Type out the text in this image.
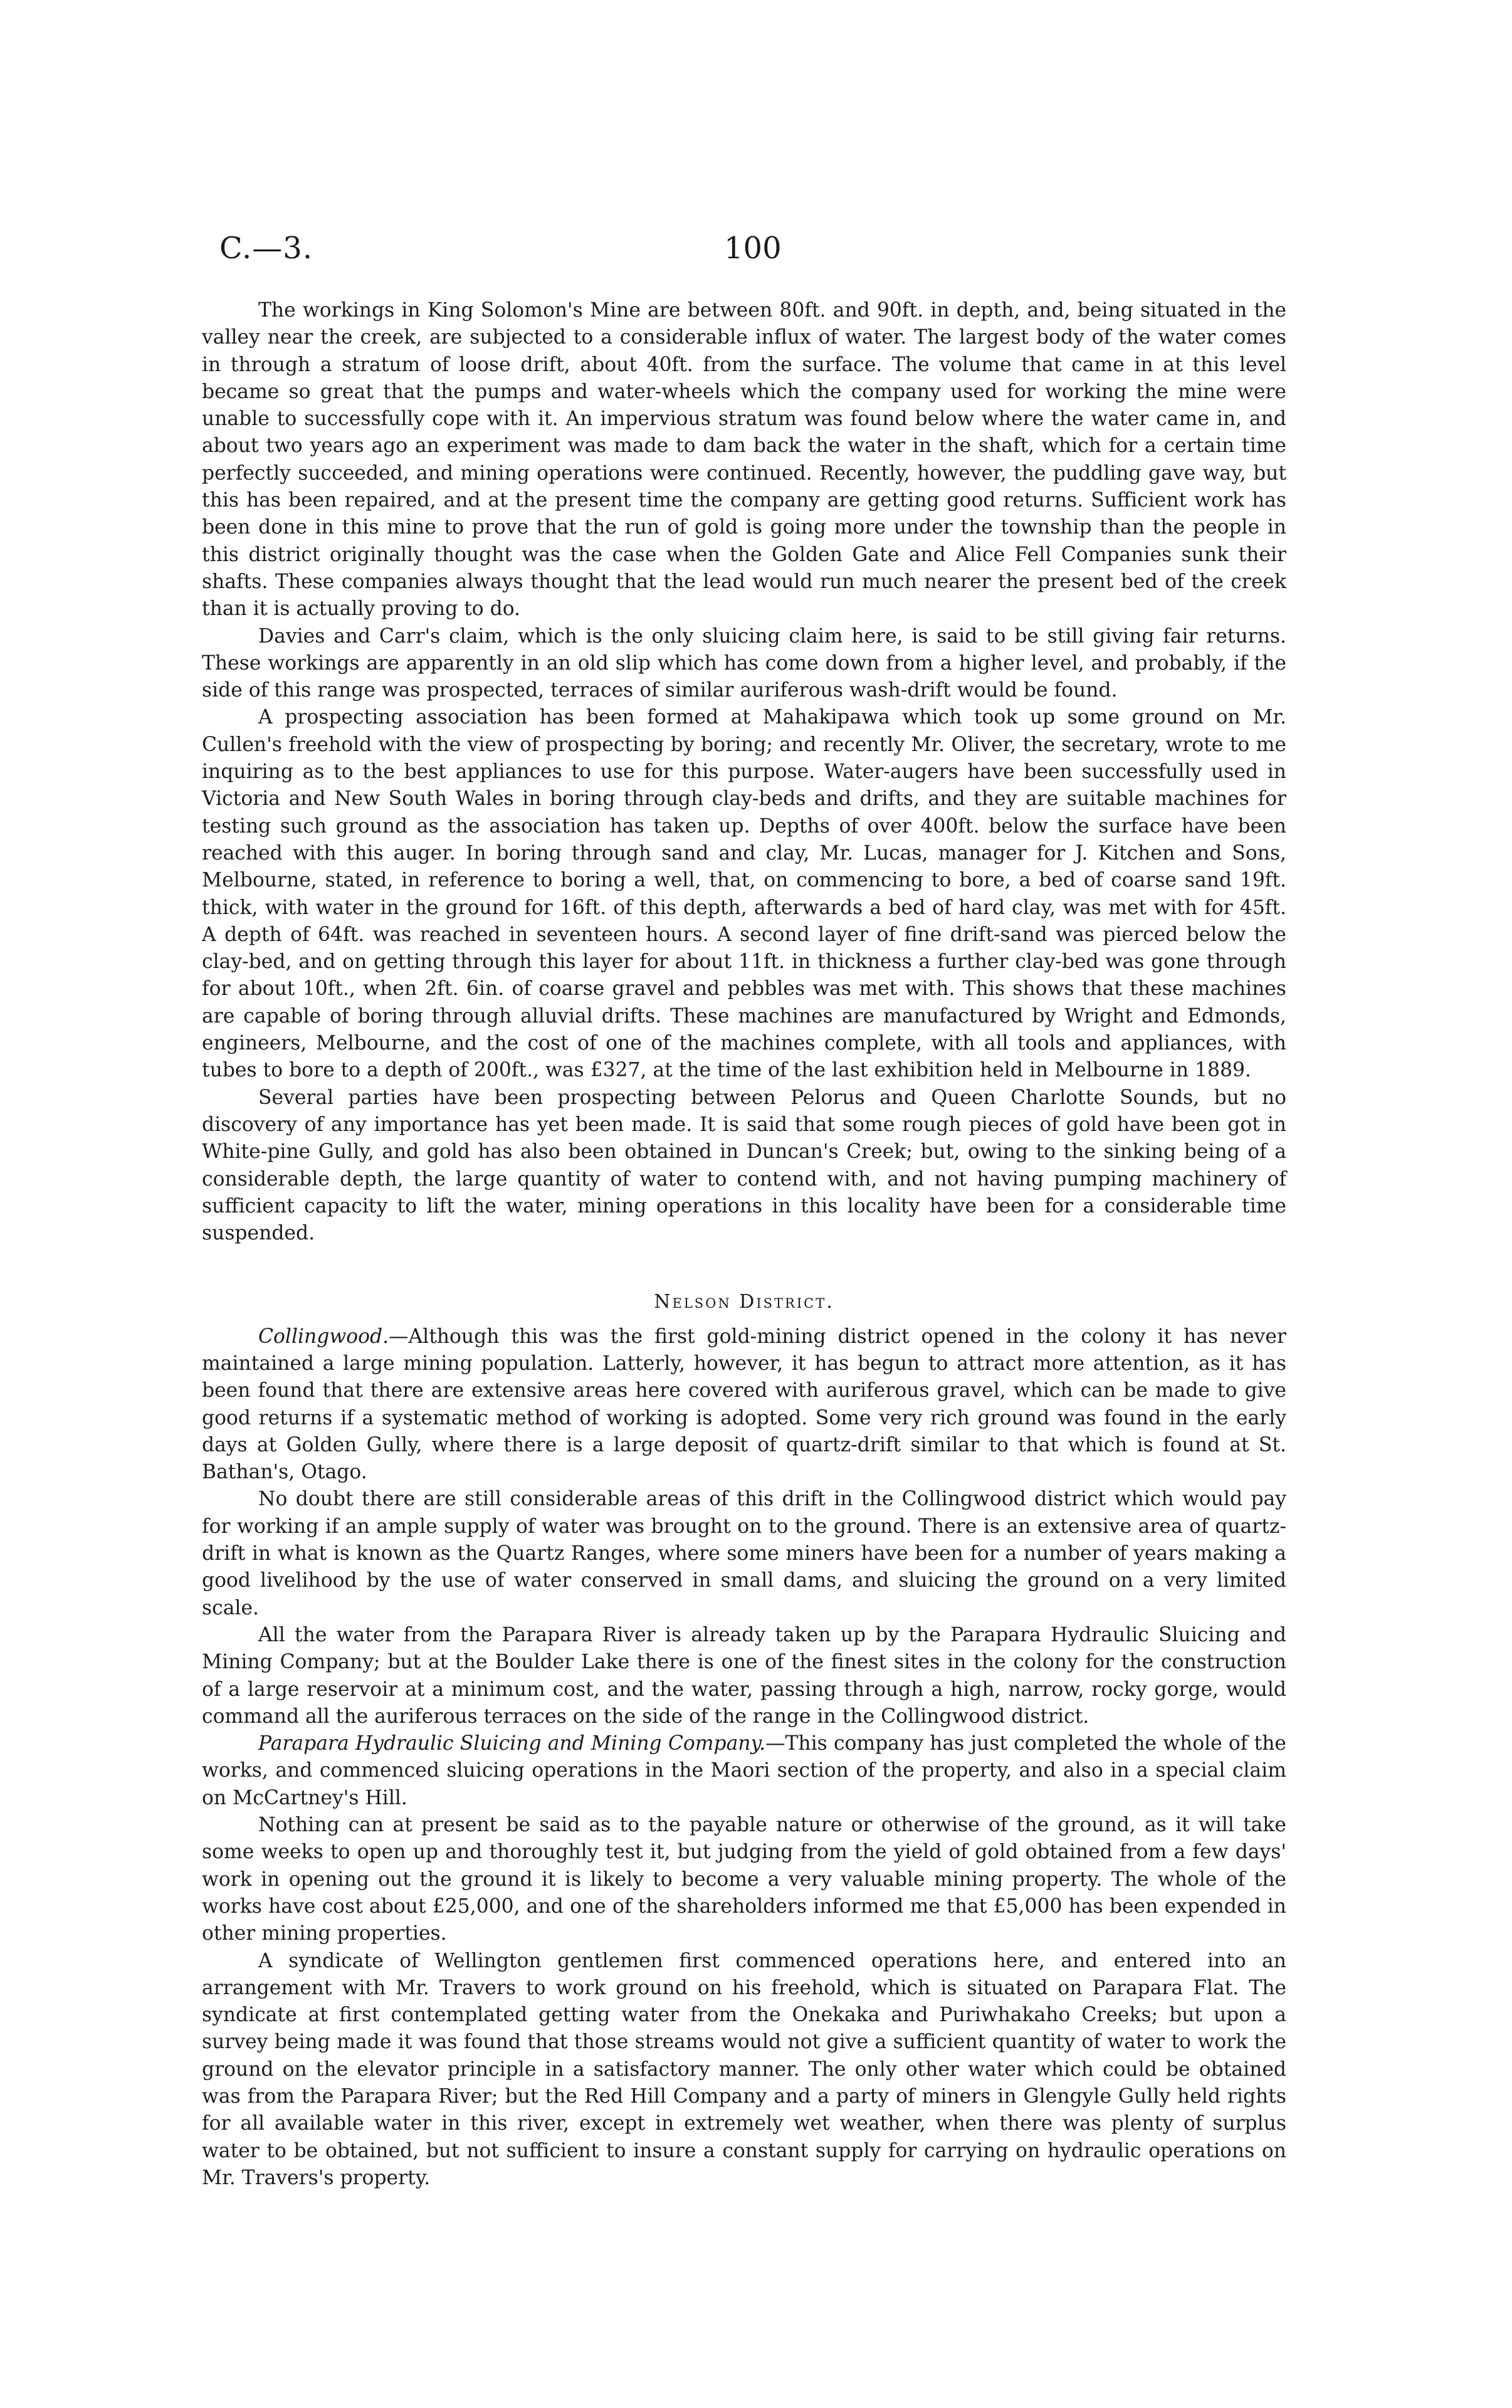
C.—3.	100

The workings in King Solomon's Mine are between 80ft. and 90ft. in depth, and, being situated in the valley near the creek, are subjected to a considerable influx of water. The largest body of the water comes in through a stratum of loose drift, about 40ft. from the surface. The volume that came in at this level became so great that the pumps and water-wheels which the company used for working the mine were unable to successfully cope with it. An impervious stratum was found below where the water came in, and about two years ago an experiment was made to dam back the water in the shaft, which for a certain time perfectly succeeded, and mining operations were continued. Recently, however, the puddling gave way, but this has been repaired, and at the present time the company are getting good returns. Sufficient work has been done in this mine to prove that the run of gold is going more under the township than the people in this district originally thought was the case when the Golden Gate and Alice Fell Companies sunk their shafts. These companies always thought that the lead would run much nearer the present bed of the creek than it is actually proving to do.

Davies and Carr's claim, which is the only sluicing claim here, is said to be still giving fair returns. These workings are apparently in an old slip which has come down from a higher level, and probably, if the side of this range was prospected, terraces of similar auriferous wash-drift would be found.

A prospecting association has been formed at Mahakipawa which took up some ground on Mr. Cullen's freehold with the view of prospecting by boring; and recently Mr. Oliver, the secretary, wrote to me inquiring as to the best appliances to use for this purpose. Water-augers have been successfully used in Victoria and New South Wales in boring through clay-beds and drifts, and they are suitable machines for testing such ground as the association has taken up. Depths of over 400ft. below the surface have been reached with this auger. In boring through sand and clay, Mr. Lucas, manager for J. Kitchen and Sons, Melbourne, stated, in reference to boring a well, that, on commencing to bore, a bed of coarse sand 19ft. thick, with water in the ground for 16ft. of this depth, afterwards a bed of hard clay, was met with for 45ft. A depth of 64ft. was reached in seventeen hours. A second layer of fine drift-sand was pierced below the clay-bed, and on getting through this layer for about 11ft. in thickness a further clay-bed was gone through for about 10ft., when 2ft. 6in. of coarse gravel and pebbles was met with. This shows that these machines are capable of boring through alluvial drifts. These machines are manufactured by Wright and Edmonds, engineers, Melbourne, and the cost of one of the machines complete, with all tools and appliances, with tubes to bore to a depth of 200ft., was £327, at the time of the last exhibition held in Melbourne in 1889.

Several parties have been prospecting between Pelorus and Queen Charlotte Sounds, but no discovery of any importance has yet been made. It is said that some rough pieces of gold have been got in White-pine Gully, and gold has also been obtained in Duncan's Creek; but, owing to the sinking being of a considerable depth, the large quantity of water to contend with, and not having pumping machinery of sufficient capacity to lift the water, mining operations in this locality have been for a considerable time suspended.

Nelson District.

Collingwood.—Although this was the first gold-mining district opened in the colony it has never maintained a large mining population. Latterly, however, it has begun to attract more attention, as it has been found that there are extensive areas here covered with auriferous gravel, which can be made to give good returns if a systematic method of working is adopted. Some very rich ground was found in the early days at Golden Gully, where there is a large deposit of quartz-drift similar to that which is found at St. Bathan's, Otago.

No doubt there are still considerable areas of this drift in the Collingwood district which would pay for working if an ample supply of water was brought on to the ground. There is an extensive area of quartz-drift in what is known as the Quartz Ranges, where some miners have been for a number of years making a good livelihood by the use of water conserved in small dams, and sluicing the ground on a very limited scale.

All the water from the Parapara River is already taken up by the Parapara Hydraulic Sluicing and Mining Company; but at the Boulder Lake there is one of the finest sites in the colony for the construction of a large reservoir at a minimum cost, and the water, passing through a high, narrow, rocky gorge, would command all the auriferous terraces on the side of the range in the Collingwood district.

Parapara Hydraulic Sluicing and Mining Company.—This company has just completed the whole of the works, and commenced sluicing operations in the Maori section of the property, and also in a special claim on McCartney's Hill.

Nothing can at present be said as to the payable nature or otherwise of the ground, as it will take some weeks to open up and thoroughly test it, but judging from the yield of gold obtained from a few days' work in opening out the ground it is likely to become a very valuable mining property. The whole of the works have cost about £25,000, and one of the shareholders informed me that £5,000 has been expended in other mining properties.

A syndicate of Wellington gentlemen first commenced operations here, and entered into an arrangement with Mr. Travers to work ground on his freehold, which is situated on Parapara Flat. The syndicate at first contemplated getting water from the Onekaka and Puriwhakaho Creeks; but upon a survey being made it was found that those streams would not give a sufficient quantity of water to work the ground on the elevator principle in a satisfactory manner. The only other water which could be obtained was from the Parapara River; but the Red Hill Company and a party of miners in Glengyle Gully held rights for all available water in this river, except in extremely wet weather, when there was plenty of surplus water to be obtained, but not sufficient to insure a constant supply for carrying on hydraulic operations on Mr. Travers's property.
